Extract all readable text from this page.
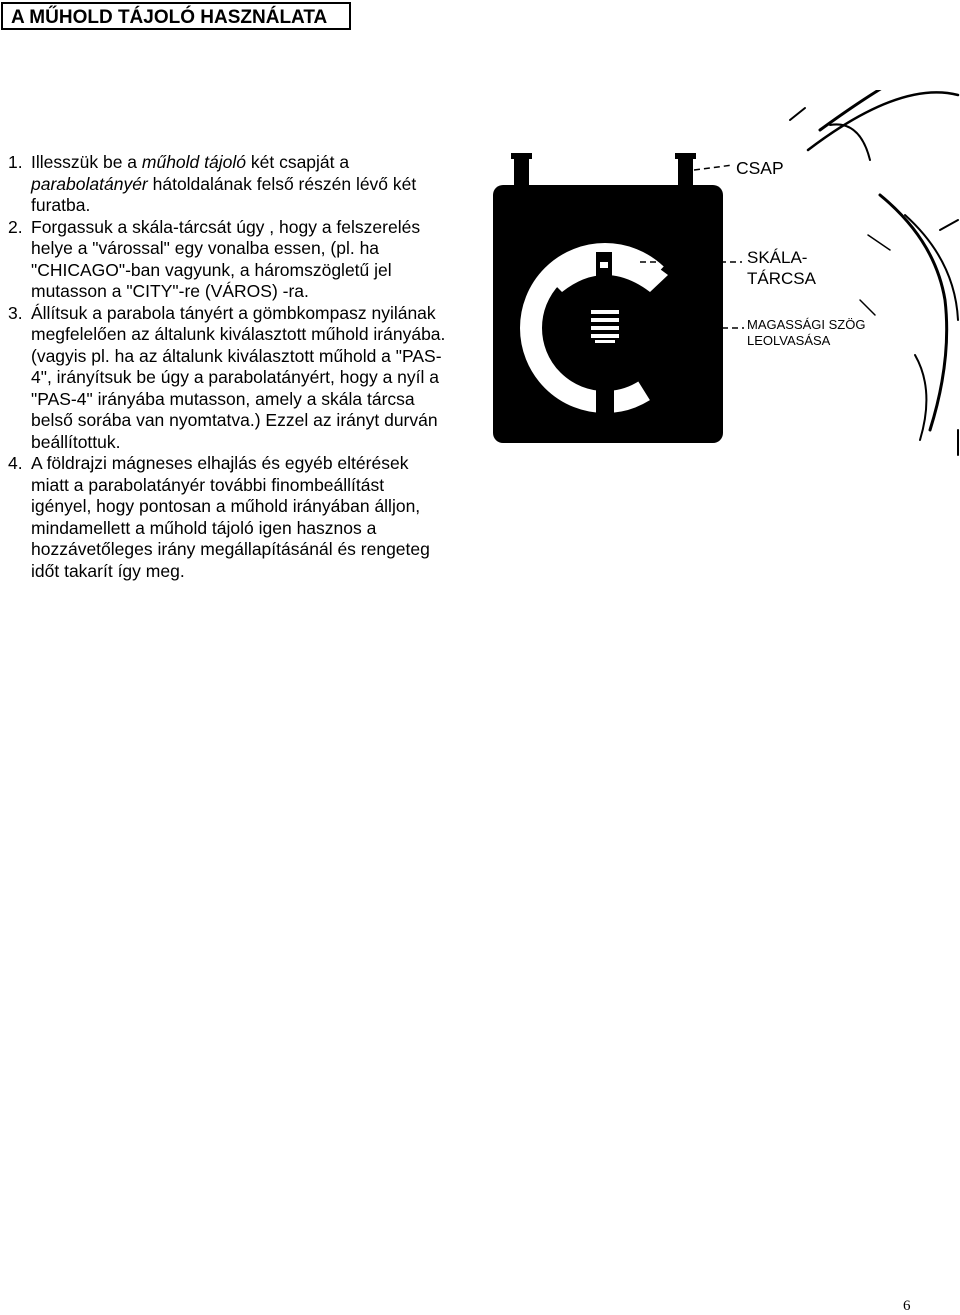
A MŰHOLD TÁJOLÓ HASZNÁLATA
1. Illesszük be a műhold tájoló két csapját a parabolatányér hátoldalának felső részén lévő két furatba.
2. Forgassuk a skála-tárcsát úgy , hogy a felszerelés helye a "várossal" egy vonalba essen, (pl. ha "CHICAGO"-ban vagyunk, a háromszögletű jel mutasson a "CITY"-re (VÁROS) -ra.
3. Állítsuk a parabola tányért a gömbkompasz nyilának megfelelően az általunk kiválasztott műhold irányába. (vagyis pl. ha az általunk kiválasztott műhold a "PAS-4", irányítsuk be úgy a parabolatányért, hogy a nyíl a "PAS-4" irányába mutasson, amely a skála tárcsa belső sorába van nyomtatva.) Ezzel az irányt durván beállítottuk.
4. A földrajzi mágneses elhajlás és egyéb eltérések miatt a parabolatányér további finombeállítást igényel, hogy pontosan a műhold irányában álljon, mindamellett a műhold tájoló igen hasznos a hozzávetőleges irány megállapításánál és rengeteg időt takarít így meg.
CSAP
SKÁLA-
TÁRCSA
MAGASSÁGI SZÖG
LEOLVASÁSA
6
